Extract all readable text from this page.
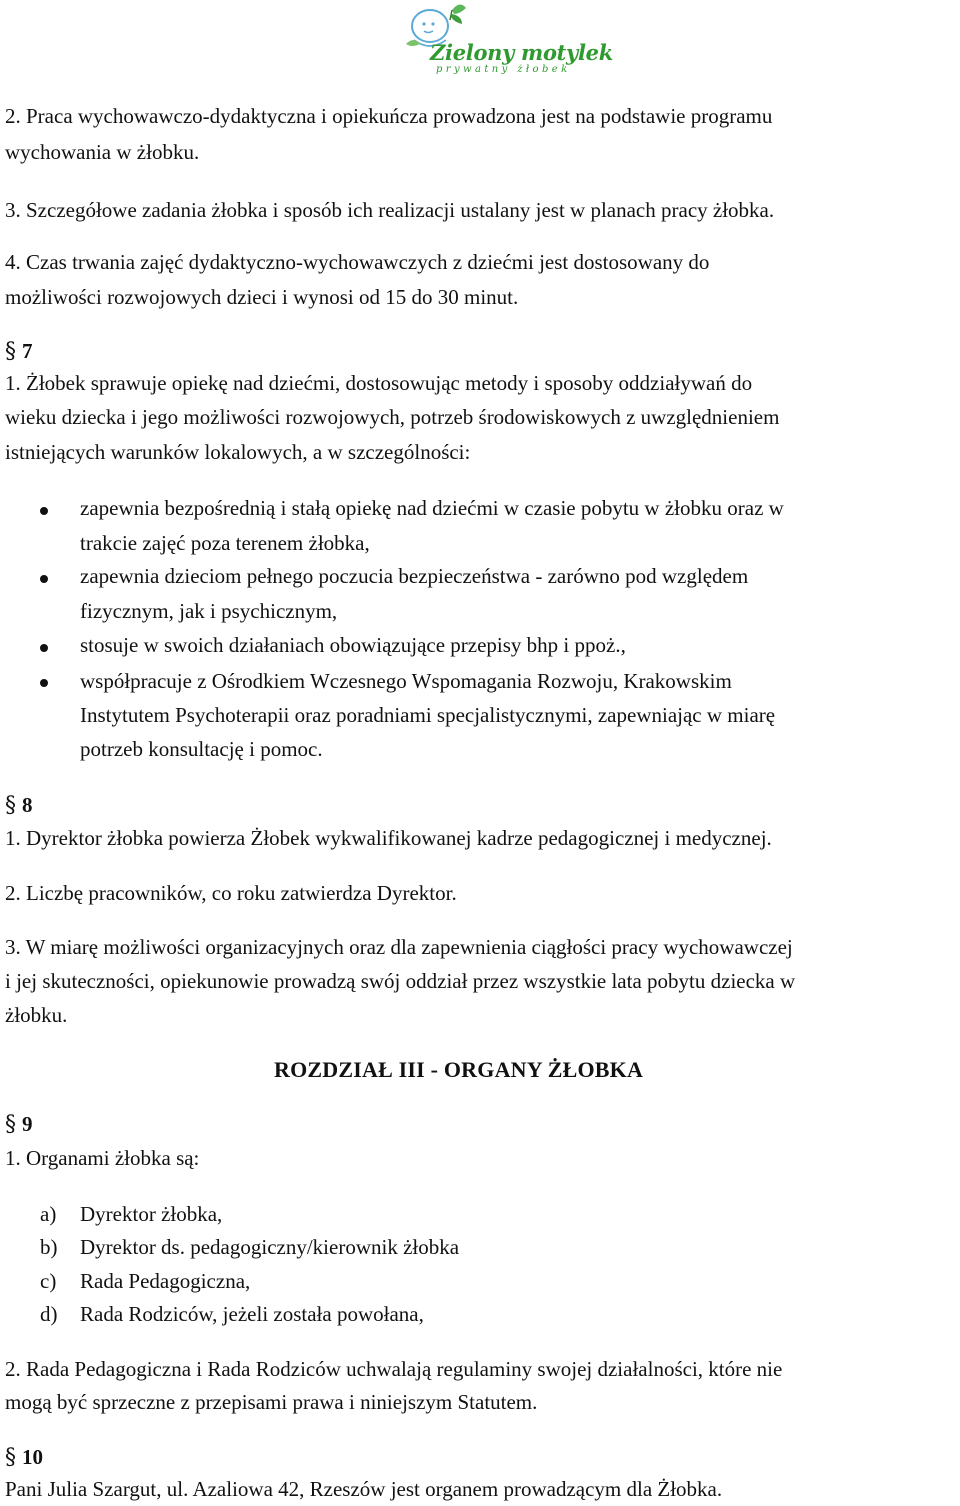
Zielony motylek
prywatny żłobek
2. Praca wychowawczo-dydaktyczna i opiekuńcza prowadzona jest na podstawie programu
wychowania w żłobku.
3. Szczegółowe zadania żłobka i sposób ich realizacji ustalany jest w planach pracy żłobka.
4. Czas trwania zajęć dydaktyczno-wychowawczych z dziećmi jest dostosowany do
możliwości rozwojowych dzieci i wynosi od 15 do 30 minut.
§ 7
1. Żłobek sprawuje opiekę nad dziećmi, dostosowując metody i sposoby oddziaływań do
wieku dziecka i jego możliwości rozwojowych, potrzeb środowiskowych z uwzględnieniem
istniejących warunków lokalowych, a w szczególności:
zapewnia bezpośrednią i stałą opiekę nad dziećmi w czasie pobytu w żłobku oraz w
trakcie zajęć poza terenem żłobka,
zapewnia dzieciom pełnego poczucia bezpieczeństwa - zarówno pod względem
fizycznym, jak i psychicznym,
stosuje w swoich działaniach obowiązujące przepisy bhp i ppoż.,
współpracuje z Ośrodkiem Wczesnego Wspomagania Rozwoju, Krakowskim
Instytutem Psychoterapii oraz poradniami specjalistycznymi, zapewniając w miarę
potrzeb konsultację i pomoc.
§ 8
1. Dyrektor żłobka powierza Żłobek wykwalifikowanej kadrze pedagogicznej i medycznej.
2. Liczbę pracowników, co roku zatwierdza Dyrektor.
3. W miarę możliwości organizacyjnych oraz dla zapewnienia ciągłości pracy wychowawczej
i jej skuteczności, opiekunowie prowadzą swój oddział przez wszystkie lata pobytu dziecka w
żłobku.
ROZDZIAŁ III - ORGANY ŻŁOBKA
§ 9
1. Organami żłobka są:
a) Dyrektor żłobka,
b) Dyrektor ds. pedagogiczny/kierownik żłobka
c) Rada Pedagogiczna,
d) Rada Rodziców, jeżeli została powołana,
2. Rada Pedagogiczna i Rada Rodziców uchwalają regulaminy swojej działalności, które nie
mogą być sprzeczne z przepisami prawa i niniejszym Statutem.
§ 10
Pani Julia Szargut, ul. Azaliowa 42, Rzeszów jest organem prowadzącym dla Żłobka.
